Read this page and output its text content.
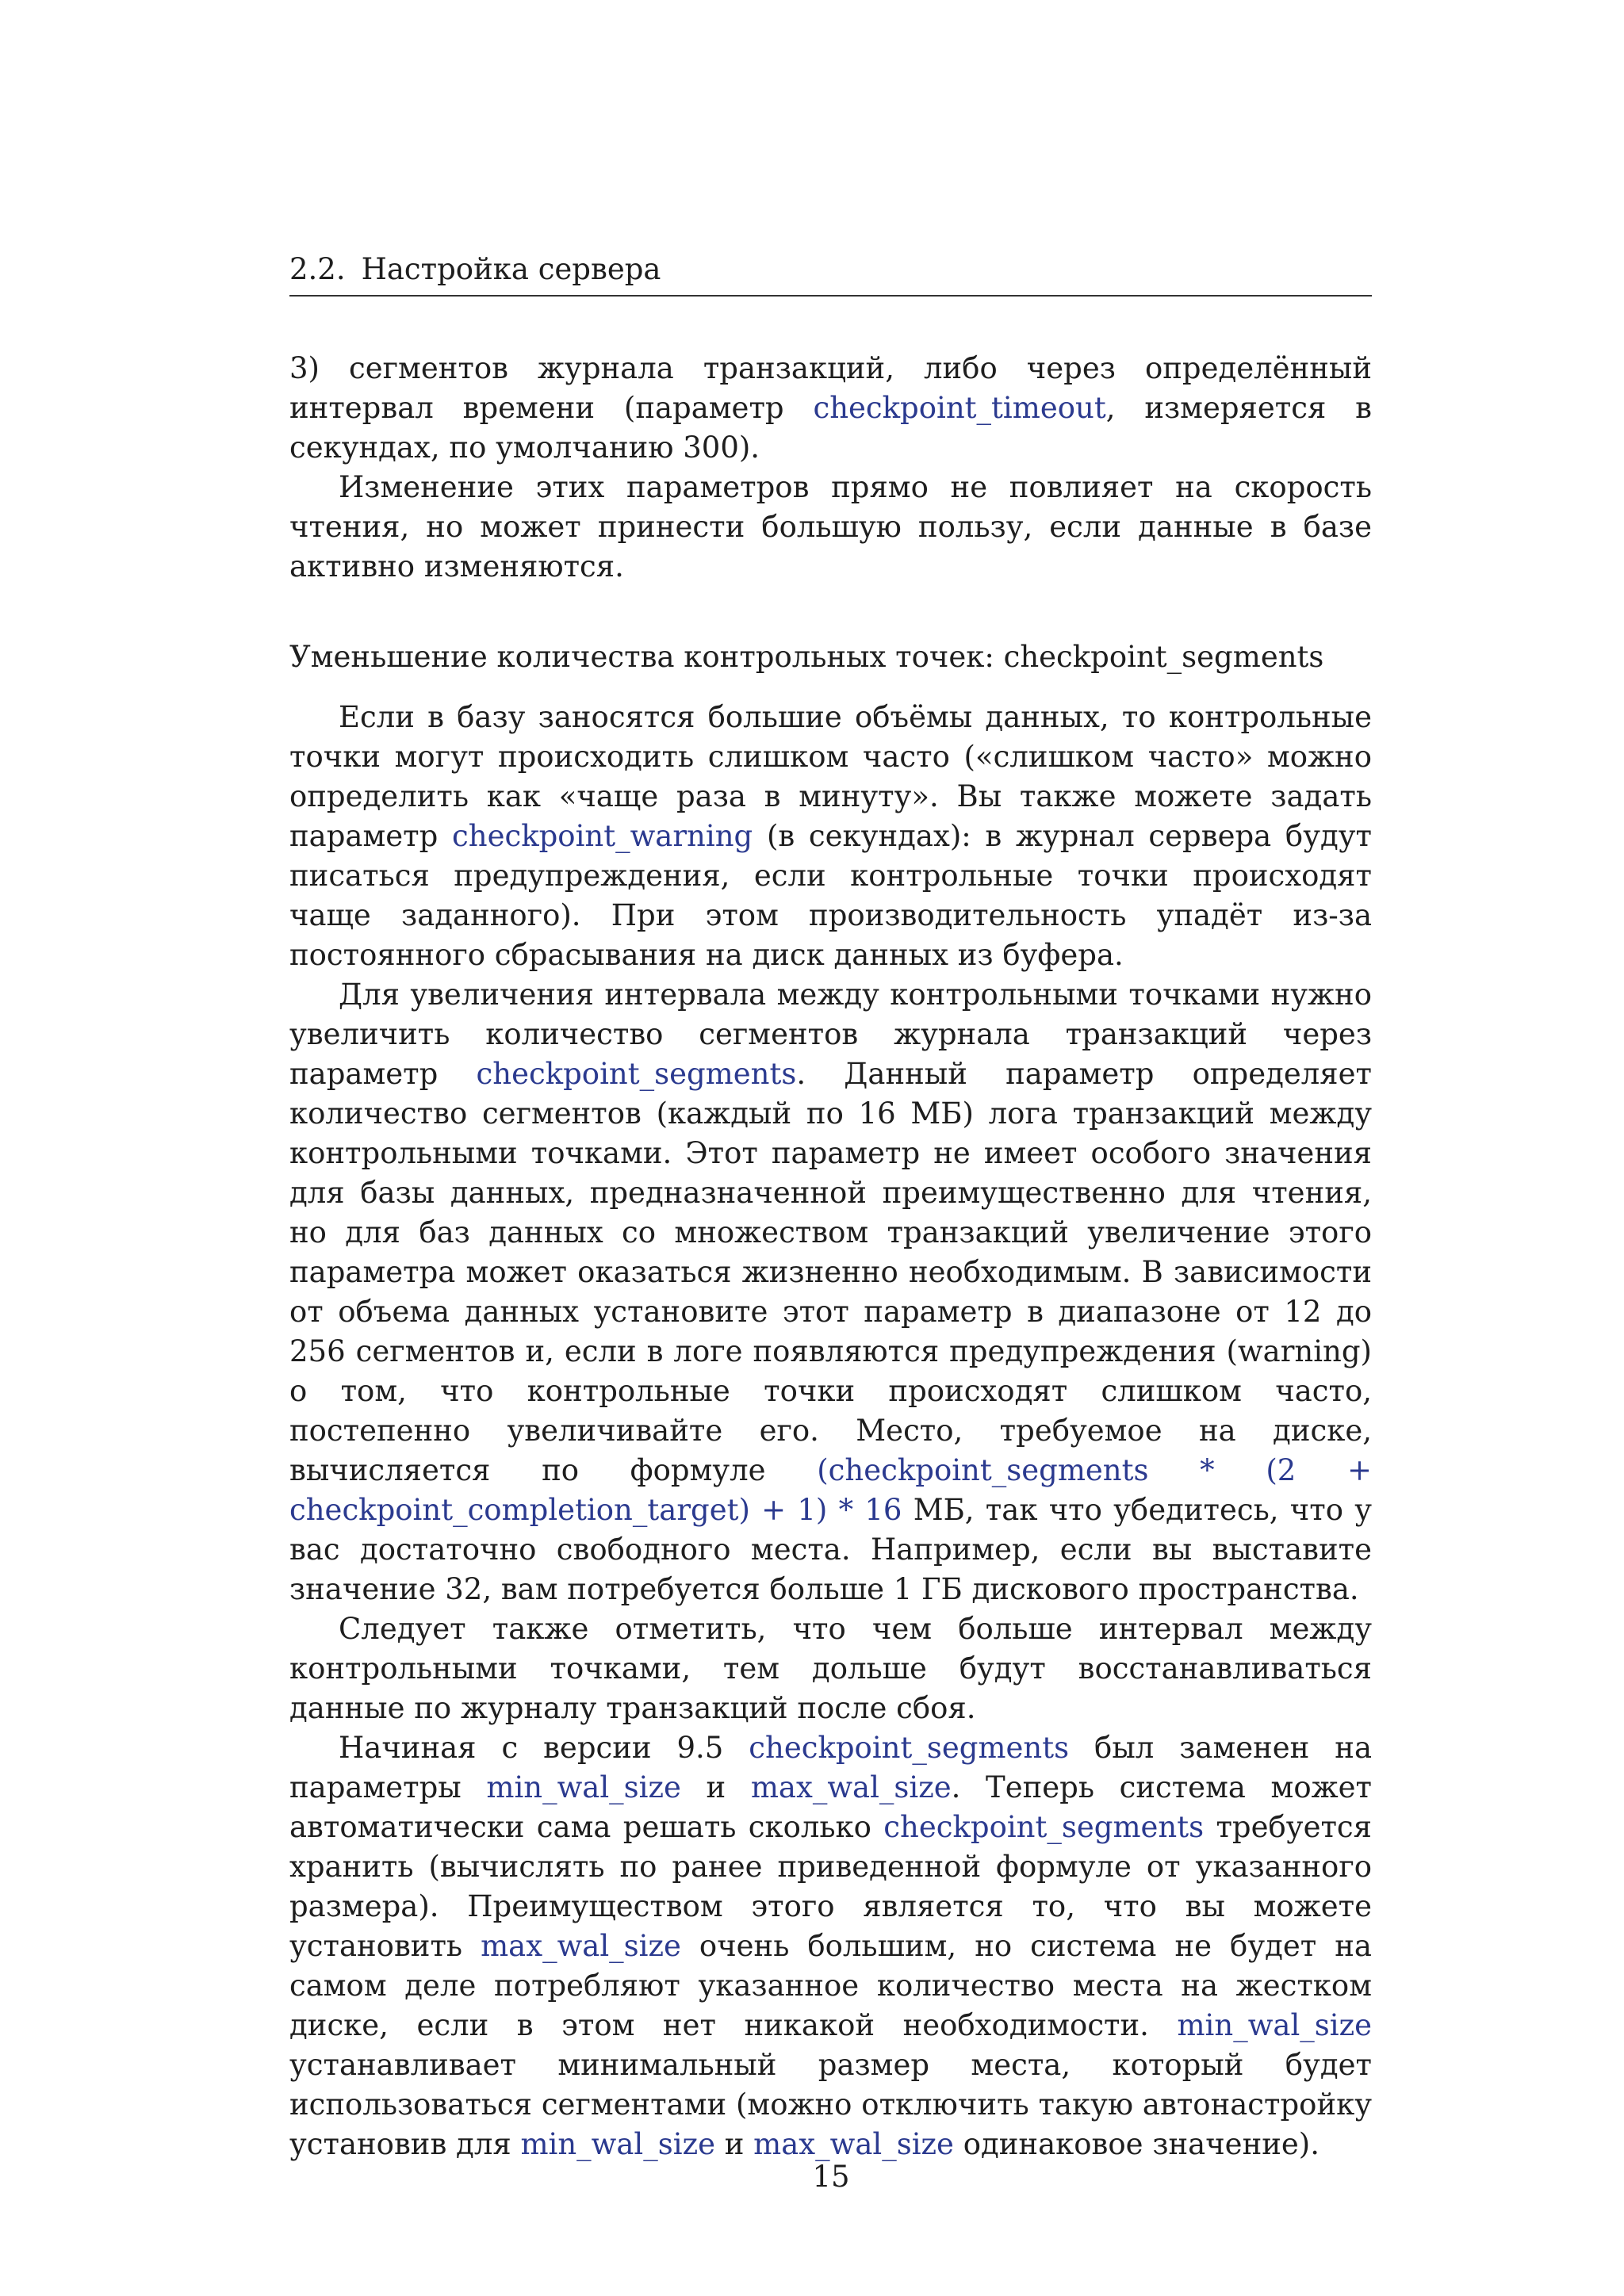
2.2. Настройка сервера

3) сегментов журнала транзакций, либо через определённый интервал времени (параметр checkpoint_timeout, измеряется в секундах, по умолчанию 300).

Изменение этих параметров прямо не повлияет на скорость чтения, но может принести большую пользу, если данные в базе активно изменяются.

Уменьшение количества контрольных точек: checkpoint_segments

Если в базу заносятся большие объёмы данных, то контрольные точки могут происходить слишком часто («слишком часто» можно определить как «чаще раза в минуту». Вы также можете задать параметр checkpoint_warning (в секундах): в журнал сервера будут писаться предупреждения, если контрольные точки происходят чаще заданного). При этом производительность упадёт из-за постоянного сбрасывания на диск данных из буфера.

Для увеличения интервала между контрольными точками нужно увеличить количество сегментов журнала транзакций через параметр checkpoint_segments. Данный параметр определяет количество сегментов (каждый по 16 МБ) лога транзакций между контрольными точками. Этот параметр не имеет особого значения для базы данных, предназначенной преимущественно для чтения, но для баз данных со множеством транзакций увеличение этого параметра может оказаться жизненно необходимым. В зависимости от объема данных установите этот параметр в диапазоне от 12 до 256 сегментов и, если в логе появляются предупреждения (warning) о том, что контрольные точки происходят слишком часто, постепенно увеличивайте его. Место, требуемое на диске, вычисляется по формуле (checkpoint_segments * (2 + checkpoint_completion_target) + 1) * 16 МБ, так что убедитесь, что у вас достаточно свободного места. Например, если вы выставите значение 32, вам потребуется больше 1 ГБ дискового пространства.

Следует также отметить, что чем больше интервал между контрольными точками, тем дольше будут восстанавливаться данные по журналу транзакций после сбоя.

Начиная с версии 9.5 checkpoint_segments был заменен на параметры min_wal_size и max_wal_size. Теперь система может автоматически сама решать сколько checkpoint_segments требуется хранить (вычислять по ранее приведенной формуле от указанного размера). Преимуществом этого является то, что вы можете установить max_wal_size очень большим, но система не будет на самом деле потребляют указанное количество места на жестком диске, если в этом нет никакой необходимости. min_wal_size устанавливает минимальный размер места, который будет использоваться сегментами (можно отключить такую автонастройку установив для min_wal_size и max_wal_size одинаковое значение).

15
